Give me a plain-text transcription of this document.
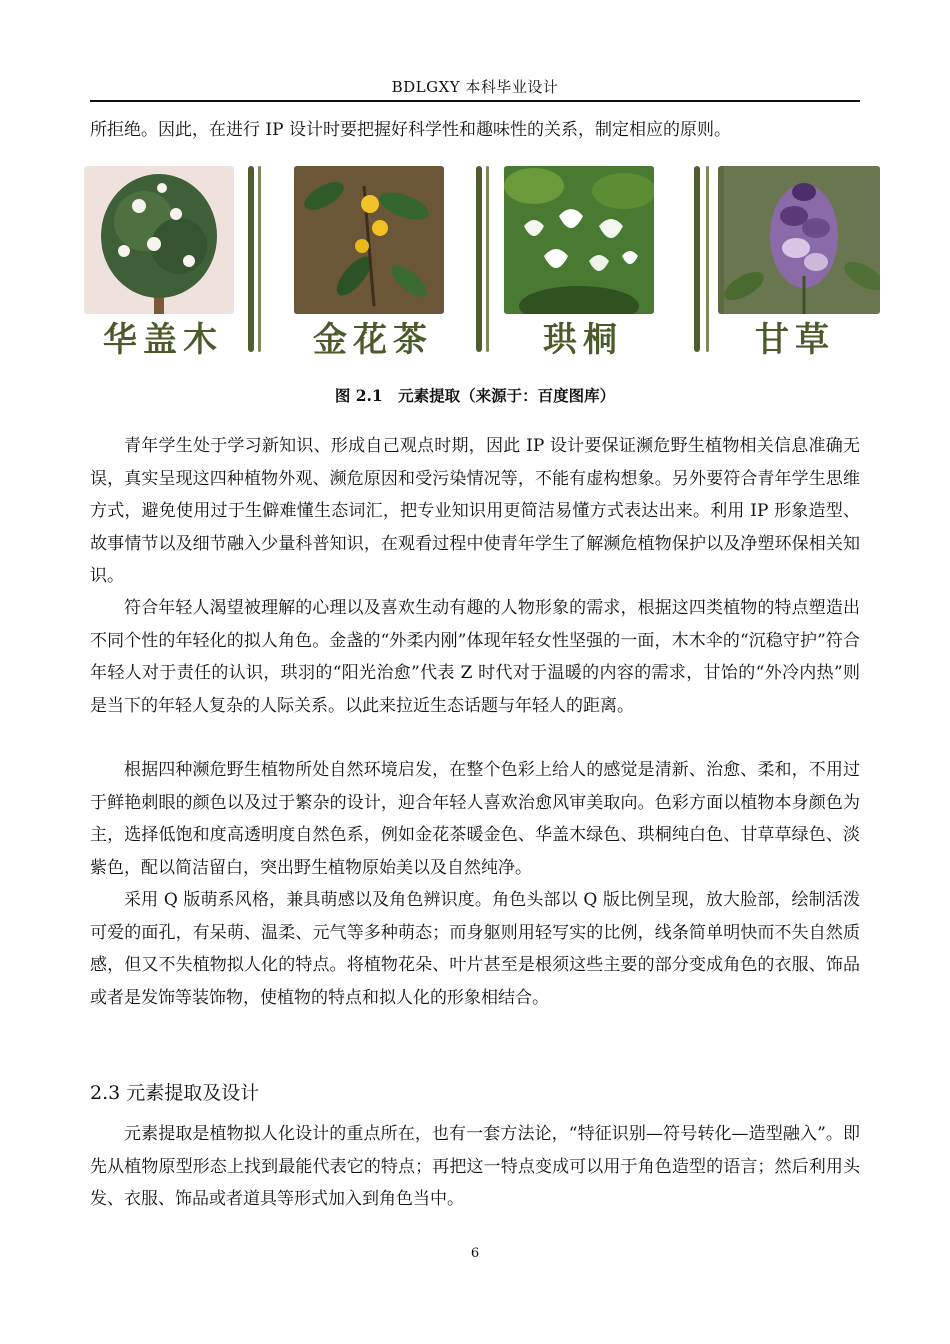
BDLGXY 本科毕业设计

所拒绝。因此，在进行 IP 设计时要把握好科学性和趣味性的关系，制定相应的原则。

华盖木	金花茶	珙桐	甘草
图 2.1　元素提取（来源于：百度图库）

青年学生处于学习新知识、形成自己观点时期，因此 IP 设计要保证濒危野生植物相关信息准确无误，真实呈现这四种植物外观、濒危原因和受污染情况等，不能有虚构想象。另外要符合青年学生思维方式，避免使用过于生僻难懂生态词汇，把专业知识用更简洁易懂方式表达出来。利用 IP 形象造型、故事情节以及细节融入少量科普知识，在观看过程中使青年学生了解濒危植物保护以及净塑环保相关知识。

符合年轻人渴望被理解的心理以及喜欢生动有趣的人物形象的需求，根据这四类植物的特点塑造出不同个性的年轻化的拟人角色。金盏的“外柔内刚”体现年轻女性坚强的一面，木木伞的“沉稳守护”符合年轻人对于责任的认识，珙羽的“阳光治愈”代表 Z 时代对于温暖的内容的需求，甘饴的“外冷内热”则是当下的年轻人复杂的人际关系。以此来拉近生态话题与年轻人的距离。

根据四种濒危野生植物所处自然环境启发，在整个色彩上给人的感觉是清新、治愈、柔和，不用过于鲜艳刺眼的颜色以及过于繁杂的设计，迎合年轻人喜欢治愈风审美取向。色彩方面以植物本身颜色为主，选择低饱和度高透明度自然色系，例如金花茶暖金色、华盖木绿色、珙桐纯白色、甘草草绿色、淡紫色，配以简洁留白，突出野生植物原始美以及自然纯净。

采用 Q 版萌系风格，兼具萌感以及角色辨识度。角色头部以 Q 版比例呈现，放大脸部，绘制活泼可爱的面孔，有呆萌、温柔、元气等多种萌态；而身躯则用轻写实的比例，线条简单明快而不失自然质感，但又不失植物拟人化的特点。将植物花朵、叶片甚至是根须这些主要的部分变成角色的衣服、饰品或者是发饰等装饰物，使植物的特点和拟人化的形象相结合。

2.3 元素提取及设计

元素提取是植物拟人化设计的重点所在，也有一套方法论，“特征识别—符号转化—造型融入”。即先从植物原型形态上找到最能代表它的特点；再把这一特点变成可以用于角色造型的语言；然后利用头发、衣服、饰品或者道具等形式加入到角色当中。

6
